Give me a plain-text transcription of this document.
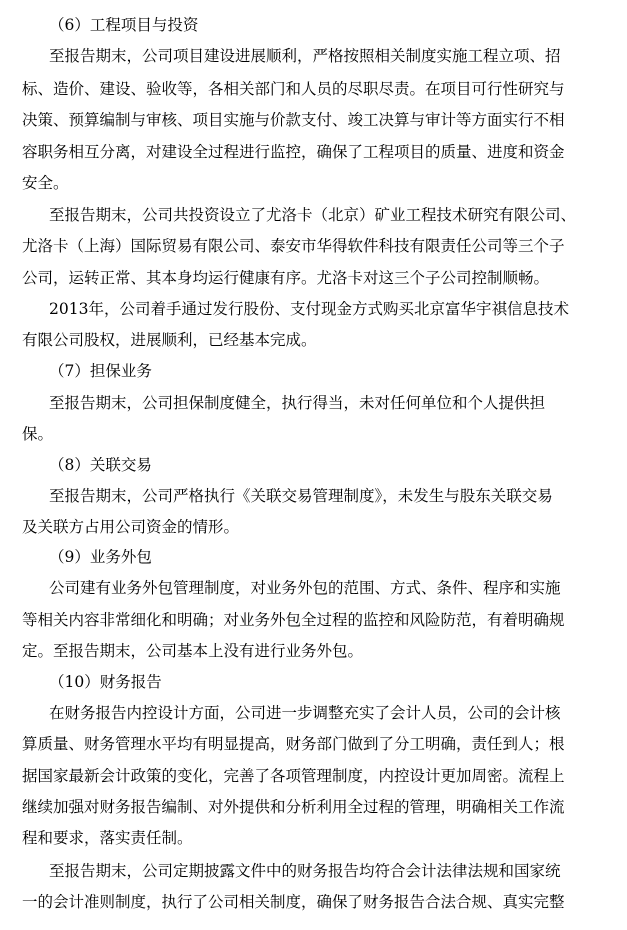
（6）工程项目与投资
至报告期末，公司项目建设进展顺利，严格按照相关制度实施工程立项、招
标、造价、建设、验收等，各相关部门和人员的尽职尽责。在项目可行性研究与
决策、预算编制与审核、项目实施与价款支付、竣工决算与审计等方面实行不相
容职务相互分离，对建设全过程进行监控，确保了工程项目的质量、进度和资金
安全。
至报告期末，公司共投资设立了尤洛卡（北京）矿业工程技术研究有限公司、
尤洛卡（上海）国际贸易有限公司、泰安市华得软件科技有限责任公司等三个子
公司，运转正常、其本身均运行健康有序。尤洛卡对这三个子公司控制顺畅。
2013年，公司着手通过发行股份、支付现金方式购买北京富华宇祺信息技术
有限公司股权，进展顺利，已经基本完成。
（7）担保业务
至报告期末，公司担保制度健全，执行得当，未对任何单位和个人提供担
保。
（8）关联交易
至报告期末，公司严格执行《关联交易管理制度》，未发生与股东关联交易
及关联方占用公司资金的情形。
（9）业务外包
公司建有业务外包管理制度，对业务外包的范围、方式、条件、程序和实施
等相关内容非常细化和明确；对业务外包全过程的监控和风险防范，有着明确规
定。至报告期末，公司基本上没有进行业务外包。
（10）财务报告
在财务报告内控设计方面，公司进一步调整充实了会计人员，公司的会计核
算质量、财务管理水平均有明显提高，财务部门做到了分工明确，责任到人；根
据国家最新会计政策的变化，完善了各项管理制度，内控设计更加周密。流程上
继续加强对财务报告编制、对外提供和分析利用全过程的管理，明确相关工作流
程和要求，落实责任制。
至报告期末，公司定期披露文件中的财务报告均符合会计法律法规和国家统
一的会计准则制度，执行了公司相关制度，确保了财务报告合法合规、真实完整
